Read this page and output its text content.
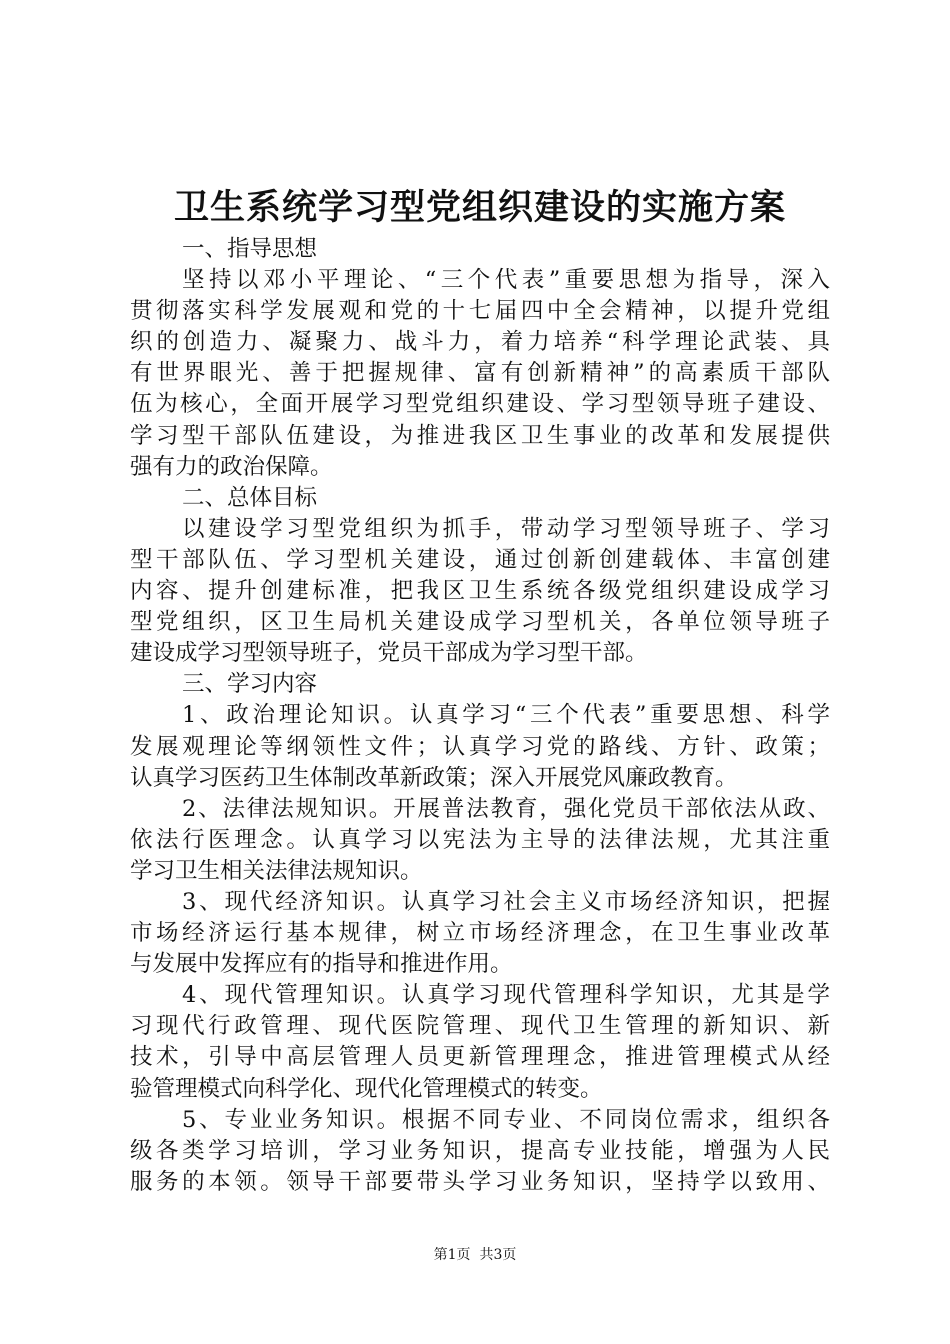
卫生系统学习型党组织建设的实施方案
一、指导思想
坚持以邓小平理论、“三个代表”重要思想为指导，深入
贯彻落实科学发展观和党的十七届四中全会精神，以提升党组
织的创造力、凝聚力、战斗力，着力培养“科学理论武装、具
有世界眼光、善于把握规律、富有创新精神”的高素质干部队
伍为核心，全面开展学习型党组织建设、学习型领导班子建设、
学习型干部队伍建设，为推进我区卫生事业的改革和发展提供
强有力的政治保障。
二、总体目标
以建设学习型党组织为抓手，带动学习型领导班子、学习
型干部队伍、学习型机关建设，通过创新创建载体、丰富创建
内容、提升创建标准，把我区卫生系统各级党组织建设成学习
型党组织，区卫生局机关建设成学习型机关，各单位领导班子
建设成学习型领导班子，党员干部成为学习型干部。
三、学习内容
1、政治理论知识。认真学习“三个代表”重要思想、科学
发展观理论等纲领性文件；认真学习党的路线、方针、政策；
认真学习医药卫生体制改革新政策；深入开展党风廉政教育。
2、法律法规知识。开展普法教育，强化党员干部依法从政、
依法行医理念。认真学习以宪法为主导的法律法规，尤其注重
学习卫生相关法律法规知识。
3、现代经济知识。认真学习社会主义市场经济知识，把握
市场经济运行基本规律，树立市场经济理念，在卫生事业改革
与发展中发挥应有的指导和推进作用。
4、现代管理知识。认真学习现代管理科学知识，尤其是学
习现代行政管理、现代医院管理、现代卫生管理的新知识、新
技术，引导中高层管理人员更新管理理念，推进管理模式从经
验管理模式向科学化、现代化管理模式的转变。
5、专业业务知识。根据不同专业、不同岗位需求，组织各
级各类学习培训，学习业务知识，提高专业技能，增强为人民
服务的本领。领导干部要带头学习业务知识，坚持学以致用、
第1页  共3页
